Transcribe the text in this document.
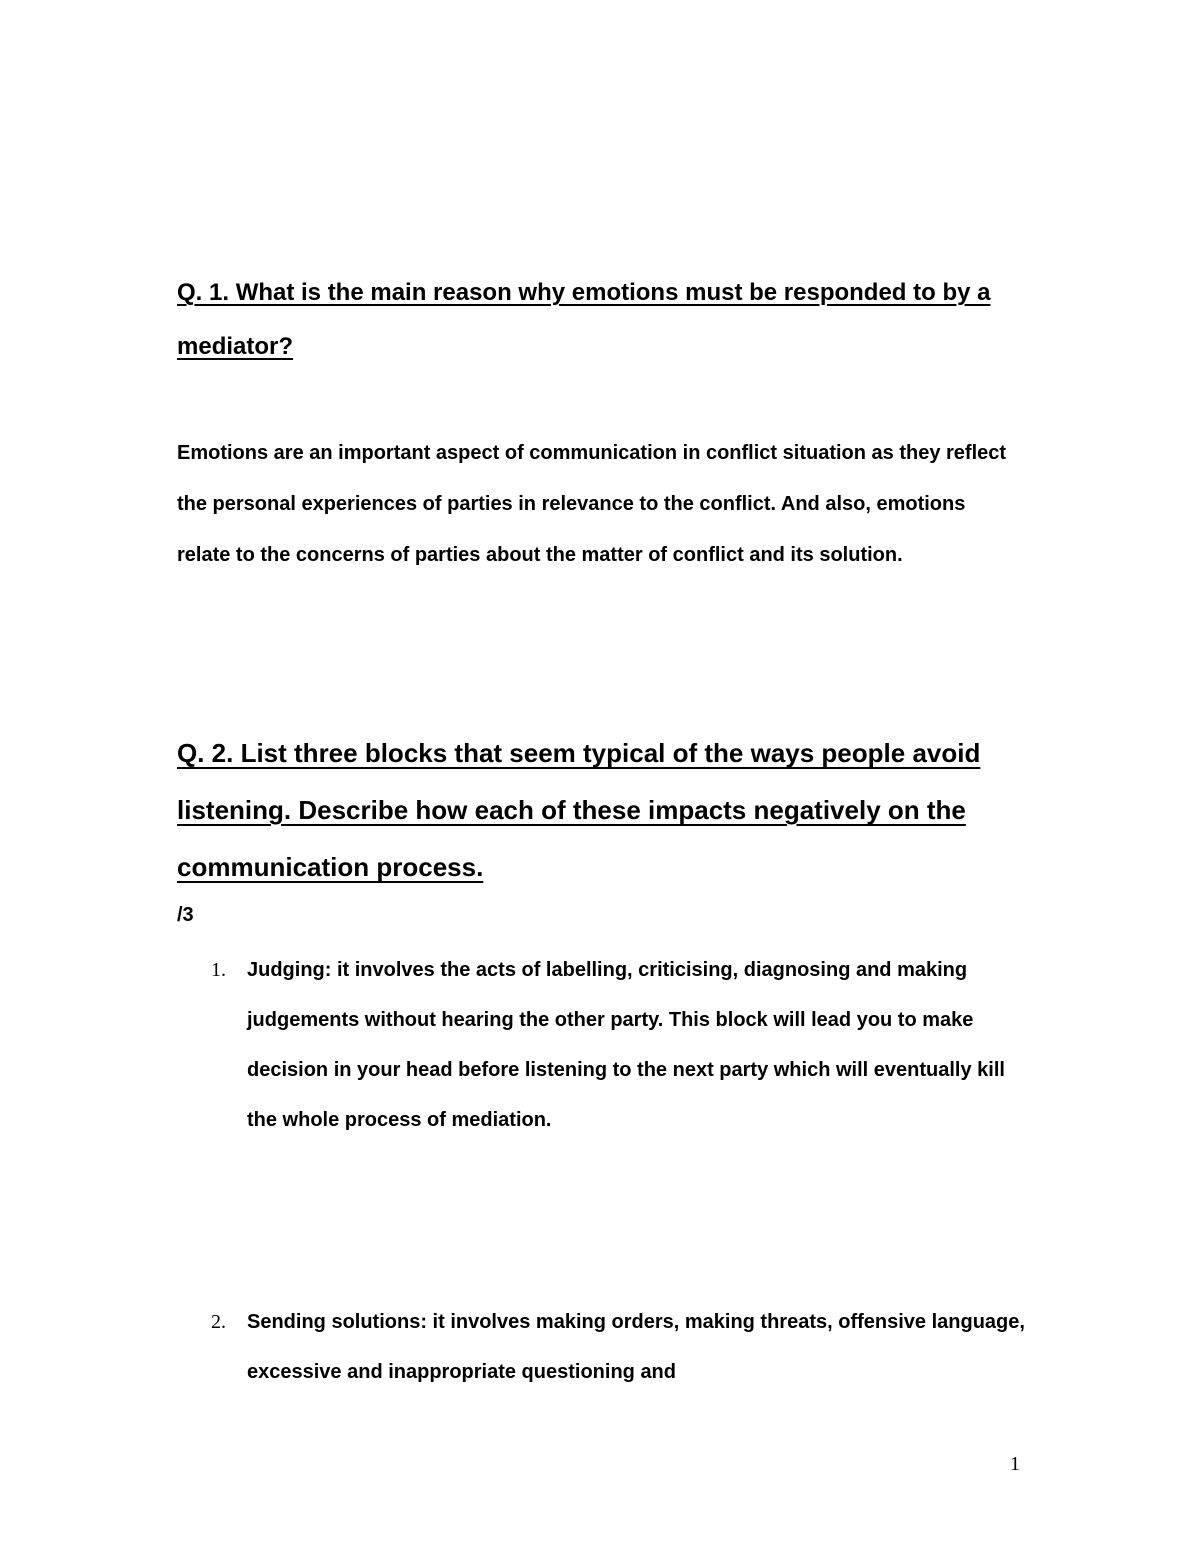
Q. 1. What is the main reason why emotions must be responded to by a mediator?

Emotions are an important aspect of communication in conflict situation as they reflect the personal experiences of parties in relevance to the conflict. And also, emotions relate to the concerns of parties about the matter of conflict and its solution.

Q. 2. List three blocks that seem typical of the ways people avoid listening. Describe how each of these impacts negatively on the communication process.

/3

1.	Judging: it involves the acts of labelling, criticising, diagnosing and making judgements without hearing the other party. This block will lead you to make decision in your head before listening to the next party which will eventually kill the whole process of mediation.
2.	Sending solutions: it involves making orders, making threats, offensive language, excessive and inappropriate questioning and
1
